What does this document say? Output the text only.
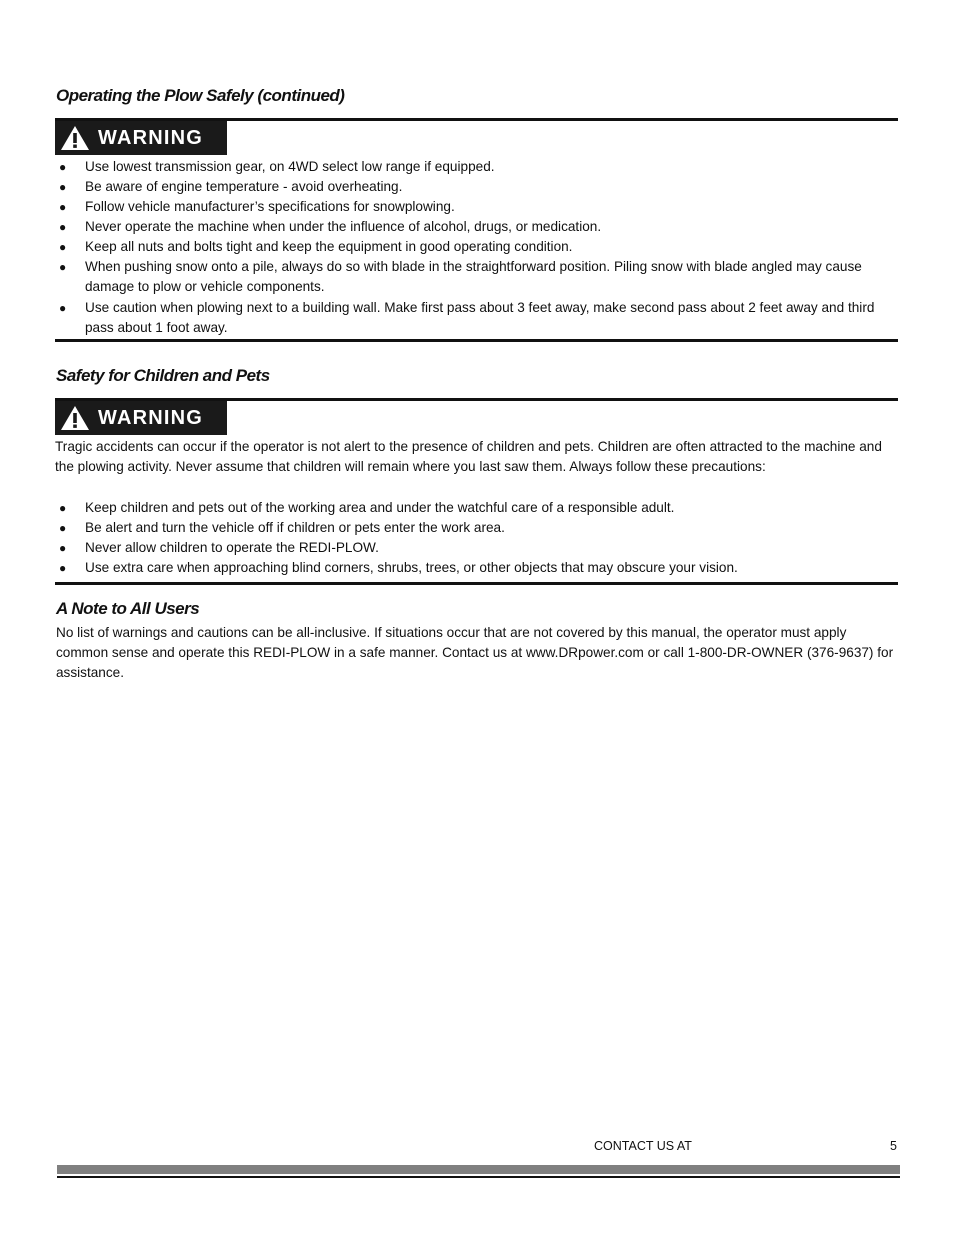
Operating the Plow Safely (continued)
WARNING
● Use lowest transmission gear, on 4WD select low range if equipped.
● Be aware of engine temperature - avoid overheating.
● Follow vehicle manufacturer’s specifications for snowplowing.
● Never operate the machine when under the influence of alcohol, drugs, or medication.
● Keep all nuts and bolts tight and keep the equipment in good operating condition.
● When pushing snow onto a pile, always do so with blade in the straightforward position. Piling snow with blade angled may cause damage to plow or vehicle components.
● Use caution when plowing next to a building wall. Make first pass about 3 feet away, make second pass about 2 feet away and third pass about 1 foot away.
Safety for Children and Pets
WARNING

Tragic accidents can occur if the operator is not alert to the presence of children and pets. Children are often attracted to the machine and the plowing activity. Never assume that children will remain where you last saw them. Always follow these precautions:

● Keep children and pets out of the working area and under the watchful care of a responsible adult.
● Be alert and turn the vehicle off if children or pets enter the work area.
● Never allow children to operate the REDI-PLOW.
● Use extra care when approaching blind corners, shrubs, trees, or other objects that may obscure your vision.
A Note to All Users

No list of warnings and cautions can be all-inclusive. If situations occur that are not covered by this manual, the operator must apply common sense and operate this REDI-PLOW in a safe manner. Contact us at www.DRpower.com or call 1-800-DR-OWNER (376-9637) for assistance.

CONTACT US AT	5
